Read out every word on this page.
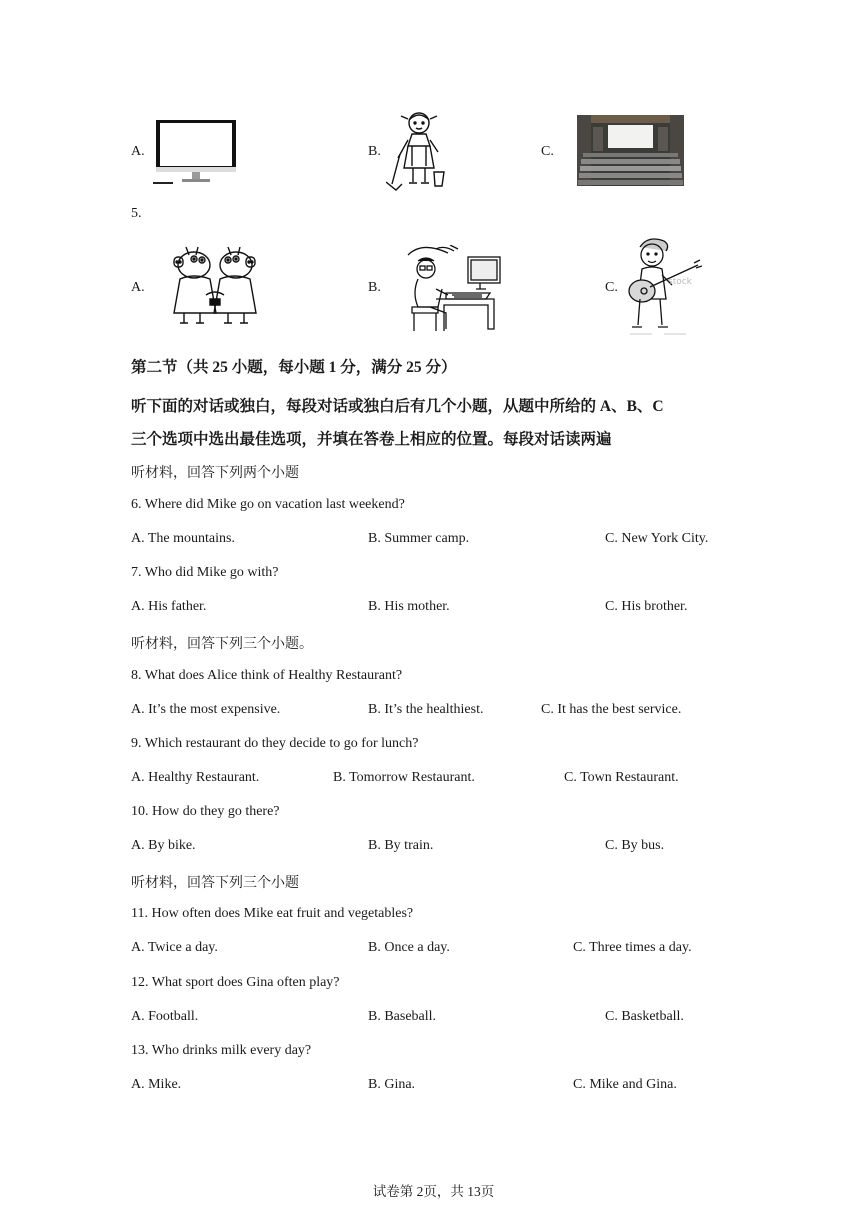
A.	B.	C.
5.
A.	B.	C.	stock
第二节（共 25 小题，每小题 1 分，满分 25 分）
听下面的对话或独白，每段对话或独白后有几个小题，从题中所给的 A、B、C
三个选项中选出最佳选项，并填在答卷上相应的位置。每段对话读两遍
听材料，回答下列两个小题
6. Where did Mike go on vacation last weekend?
A. The mountains.	B. Summer camp.	C. New York City.
7. Who did Mike go with?
A. His father.	B. His mother.	C. His brother.
听材料，回答下列三个小题。
8. What does Alice think of Healthy Restaurant?
A. It’s the most expensive.	B. It’s the healthiest.	C. It has the best service.
9. Which restaurant do they decide to go for lunch?
A. Healthy Restaurant.	B. Tomorrow Restaurant.	C. Town Restaurant.
10. How do they go there?
A. By bike.	B. By train.	C. By bus.
听材料，回答下列三个小题
11. How often does Mike eat fruit and vegetables?
A. Twice a day.	B. Once a day.	C. Three times a day.
12. What sport does Gina often play?
A. Football.	B. Baseball.	C. Basketball.
13. Who drinks milk every day?
A. Mike.	B. Gina.	C. Mike and Gina.
试卷第 2页，共 13页
